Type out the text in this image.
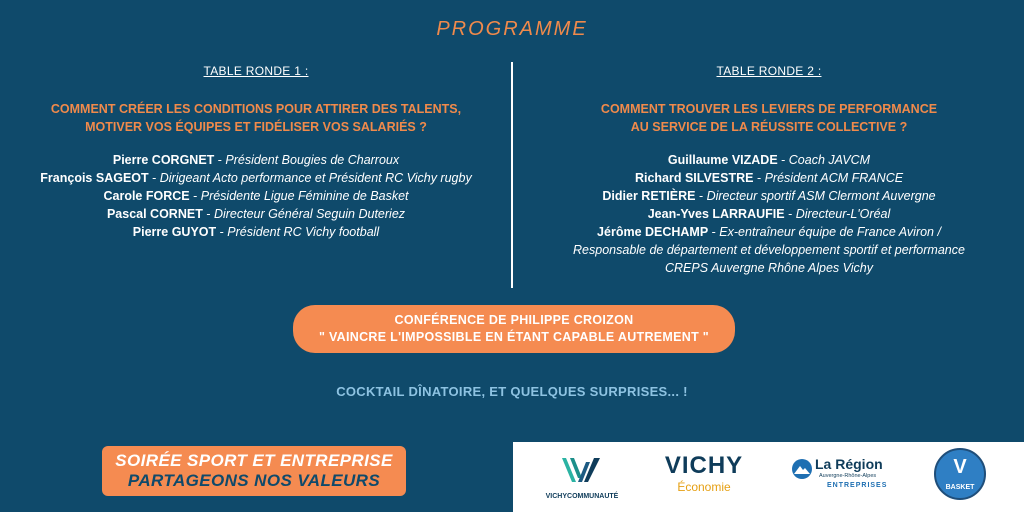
PROGRAMME
TABLE RONDE 1 :
COMMENT CRÉER LES CONDITIONS POUR ATTIRER DES TALENTS,
MOTIVER VOS ÉQUIPES ET FIDÉLISER VOS SALARIÉS ?
Pierre CORGNET - Président Bougies de Charroux
François SAGEOT - Dirigeant Acto performance et Président RC Vichy rugby
Carole FORCE - Présidente Ligue Féminine de Basket
Pascal CORNET - Directeur Général Seguin Duteriez
Pierre GUYOT - Président RC Vichy football
TABLE RONDE 2 :
COMMENT TROUVER LES LEVIERS DE PERFORMANCE
AU SERVICE DE LA RÉUSSITE COLLECTIVE ?
Guillaume VIZADE - Coach JAVCM
Richard SILVESTRE - Président ACM FRANCE
Didier RETIÈRE - Directeur sportif ASM Clermont Auvergne
Jean-Yves LARRAUFIE - Directeur-L'Oréal
Jérôme DECHAMP - Ex-entraîneur équipe de France Aviron /
Responsable de département et développement sportif et performance
CREPS Auvergne Rhône Alpes Vichy
CONFÉRENCE DE PHILIPPE CROIZON
" VAINCRE L'IMPOSSIBLE EN ÉTANT CAPABLE AUTREMENT "
COCKTAIL DÎNATOIRE, ET QUELQUES SURPRISES... !
SOIRÉE SPORT ET ENTREPRISE
PARTAGEONS NOS VALEURS
VICHYCOMMUNAUTÉ
VICHY
Économie
La Région
Auvergne-Rhône-Alpes
ENTREPRISES
V
BASKET
